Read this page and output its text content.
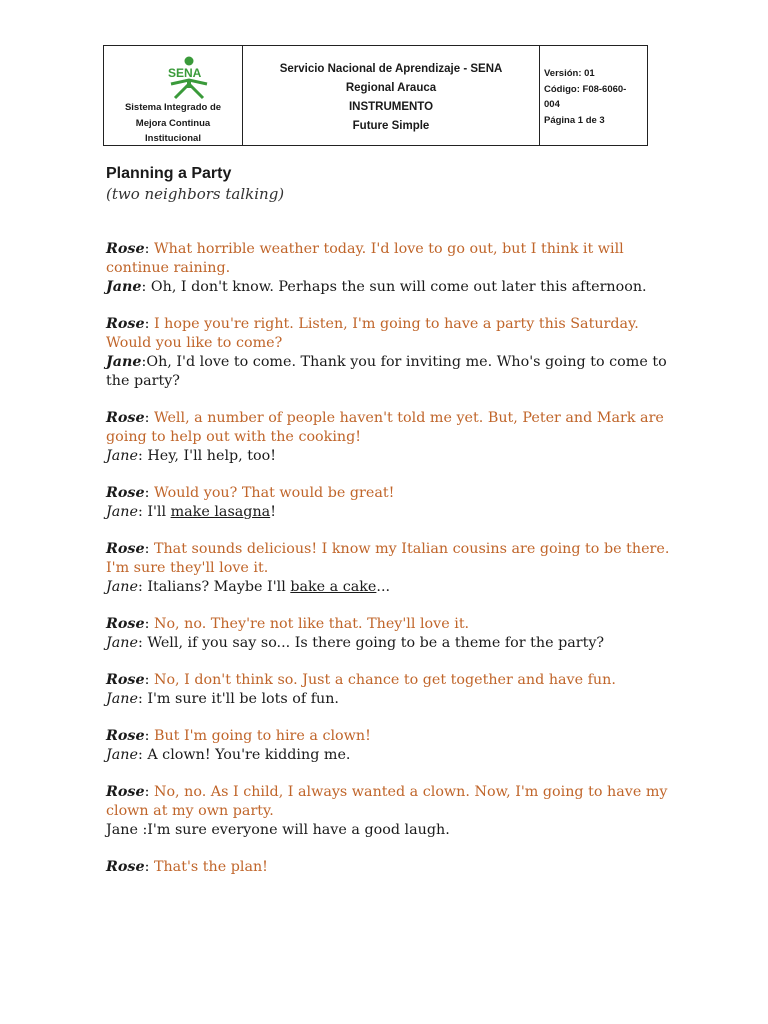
SENA
Sistema Integrado de
Mejora Continua
Institucional
Servicio Nacional de Aprendizaje - SENA
Regional Arauca
INSTRUMENTO
Future Simple
Versión: 01
Código: F08-6060-
004
Página 1 de 3
Planning a Party
(two neighbors talking)
Rose: What horrible weather today. I'd love to go out, but I think it will continue raining.
Jane: Oh, I don't know. Perhaps the sun will come out later this afternoon.
Rose: I hope you're right. Listen, I'm going to have a party this Saturday. Would you like to come?
Jane:Oh, I'd love to come. Thank you for inviting me. Who's going to come to the party?
Rose: Well, a number of people haven't told me yet. But, Peter and Mark are going to help out with the cooking!
Jane: Hey, I'll help, too!
Rose: Would you? That would be great!
Jane: I'll make lasagna!
Rose: That sounds delicious! I know my Italian cousins are going to be there. I'm sure they'll love it.
Jane: Italians? Maybe I'll bake a cake...
Rose: No, no. They're not like that. They'll love it.
Jane: Well, if you say so... Is there going to be a theme for the party?
Rose: No, I don't think so. Just a chance to get together and have fun.
Jane: I'm sure it'll be lots of fun.
Rose: But I'm going to hire a clown!
Jane: A clown! You're kidding me.
Rose: No, no. As I child, I always wanted a clown. Now, I'm going to have my clown at my own party.
Jane :I'm sure everyone will have a good laugh.
Rose: That's the plan!
